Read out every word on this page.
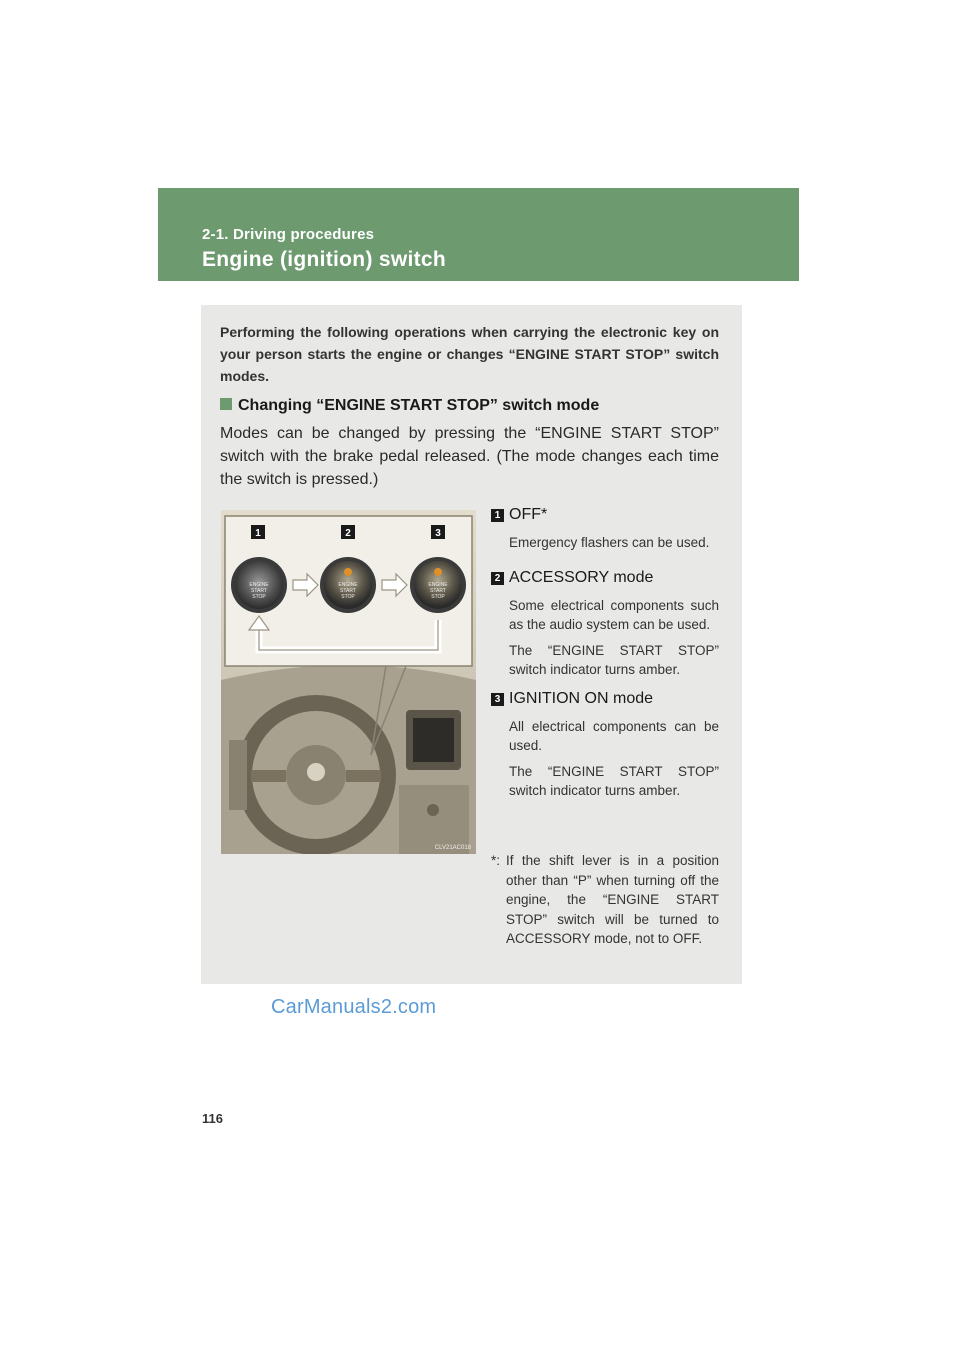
2-1. Driving procedures
Engine (ignition) switch
Performing the following operations when carrying the electronic key on your person starts the engine or changes “ENGINE START STOP” switch modes.
Changing “ENGINE START STOP” switch mode
Modes can be changed by pressing the “ENGINE START STOP” switch with the brake pedal released. (The mode changes each time the switch is pressed.)
1	2	3
ENGINE
START
STOP
ENGINE
START
STOP
ENGINE
START
STOP
CLV21AC018
1 OFF*
Emergency flashers can be used.
2 ACCESSORY mode
Some electrical components such as the audio system can be used.
The “ENGINE START STOP” switch indicator turns amber.
3 IGNITION ON mode
All electrical components can be used.
The “ENGINE START STOP” switch indicator turns amber.
*: If the shift lever is in a position other than “P” when turning off the engine, the “ENGINE START STOP” switch will be turned to ACCESSORY mode, not to OFF.
CarManuals2.com
116
